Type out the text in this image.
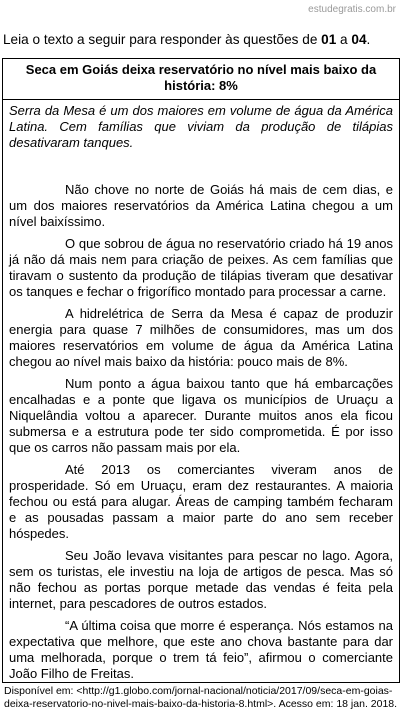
estudegratis.com.br
Leia o texto a seguir para responder às questões de 01 a 04.
Seca em Goiás deixa reservatório no nível mais baixo da história: 8%
Serra da Mesa é um dos maiores em volume de água da América Latina. Cem famílias que viviam da produção de tilápias desativaram tanques.

Não chove no norte de Goiás há mais de cem dias, e um dos maiores reservatórios da América Latina chegou a um nível baixíssimo.

O que sobrou de água no reservatório criado há 19 anos já não dá mais nem para criação de peixes. As cem famílias que tiravam o sustento da produção de tilápias tiveram que desativar os tanques e fechar o frigorífico montado para processar a carne.

A hidrelétrica de Serra da Mesa é capaz de produzir energia para quase 7 milhões de consumidores, mas um dos maiores reservatórios em volume de água da América Latina chegou ao nível mais baixo da história: pouco mais de 8%.

Num ponto a água baixou tanto que há embarcações encalhadas e a ponte que ligava os municípios de Uruaçu a Niquelândia voltou a aparecer. Durante muitos anos ela ficou submersa e a estrutura pode ter sido comprometida. É por isso que os carros não passam mais por ela.

Até 2013 os comerciantes viveram anos de prosperidade. Só em Uruaçu, eram dez restaurantes. A maioria fechou ou está para alugar. Áreas de camping também fecharam e as pousadas passam a maior parte do ano sem receber hóspedes.

Seu João levava visitantes para pescar no lago. Agora, sem os turistas, ele investiu na loja de artigos de pesca. Mas só não fechou as portas porque metade das vendas é feita pela internet, para pescadores de outros estados.

“A última coisa que morre é esperança. Nós estamos na expectativa que melhore, que este ano chova bastante para dar uma melhorada, porque o trem tá feio”, afirmou o comerciante João Filho de Freitas.

Disponível em: <http://g1.globo.com/jornal-nacional/noticia/2017/09/seca-em-goias-deixa-reservatorio-no-nivel-mais-baixo-da-historia-8.html>. Acesso em: 18 jan. 2018.
